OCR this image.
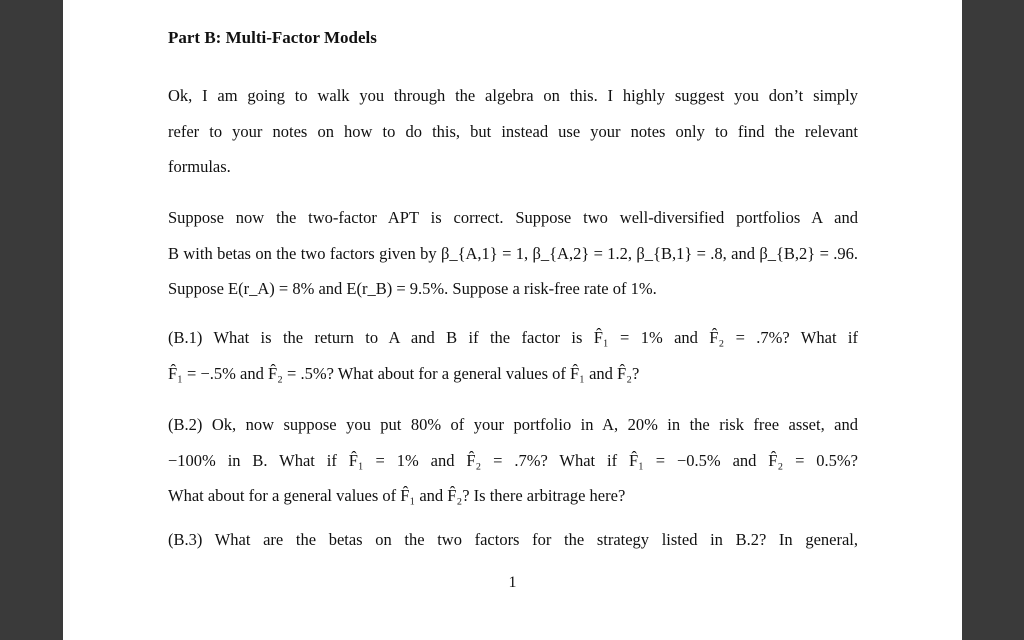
Part B: Multi-Factor Models

Ok, I am going to walk you through the algebra on this. I highly suggest you don’t simply

refer to your notes on how to do this, but instead use your notes only to find the relevant

formulas.

Suppose now the two-factor APT is correct. Suppose two well-diversified portfolios A and

B with betas on the two factors given by β_{A,1} = 1, β_{A,2} = 1.2, β_{B,1} = .8, and β_{B,2} = .96.

Suppose E(r_A) = 8% and E(r_B) = 9.5%. Suppose a risk-free rate of 1%.

(B.1) What is the return to A and B if the factor is F̂₁ = 1% and F̂₂ = .7%? What if

F̂₁ = −.5% and F̂₂ = .5%? What about for a general values of F̂₁ and F̂₂?

(B.2) Ok, now suppose you put 80% of your portfolio in A, 20% in the risk free asset, and

−100% in B. What if F̂₁ = 1% and F̂₂ = .7%? What if F̂₁ = −0.5% and F̂₂ = 0.5%?

What about for a general values of F̂₁ and F̂₂? Is there arbitrage here?

(B.3) What are the betas on the two factors for the strategy listed in B.2? In general,

1
